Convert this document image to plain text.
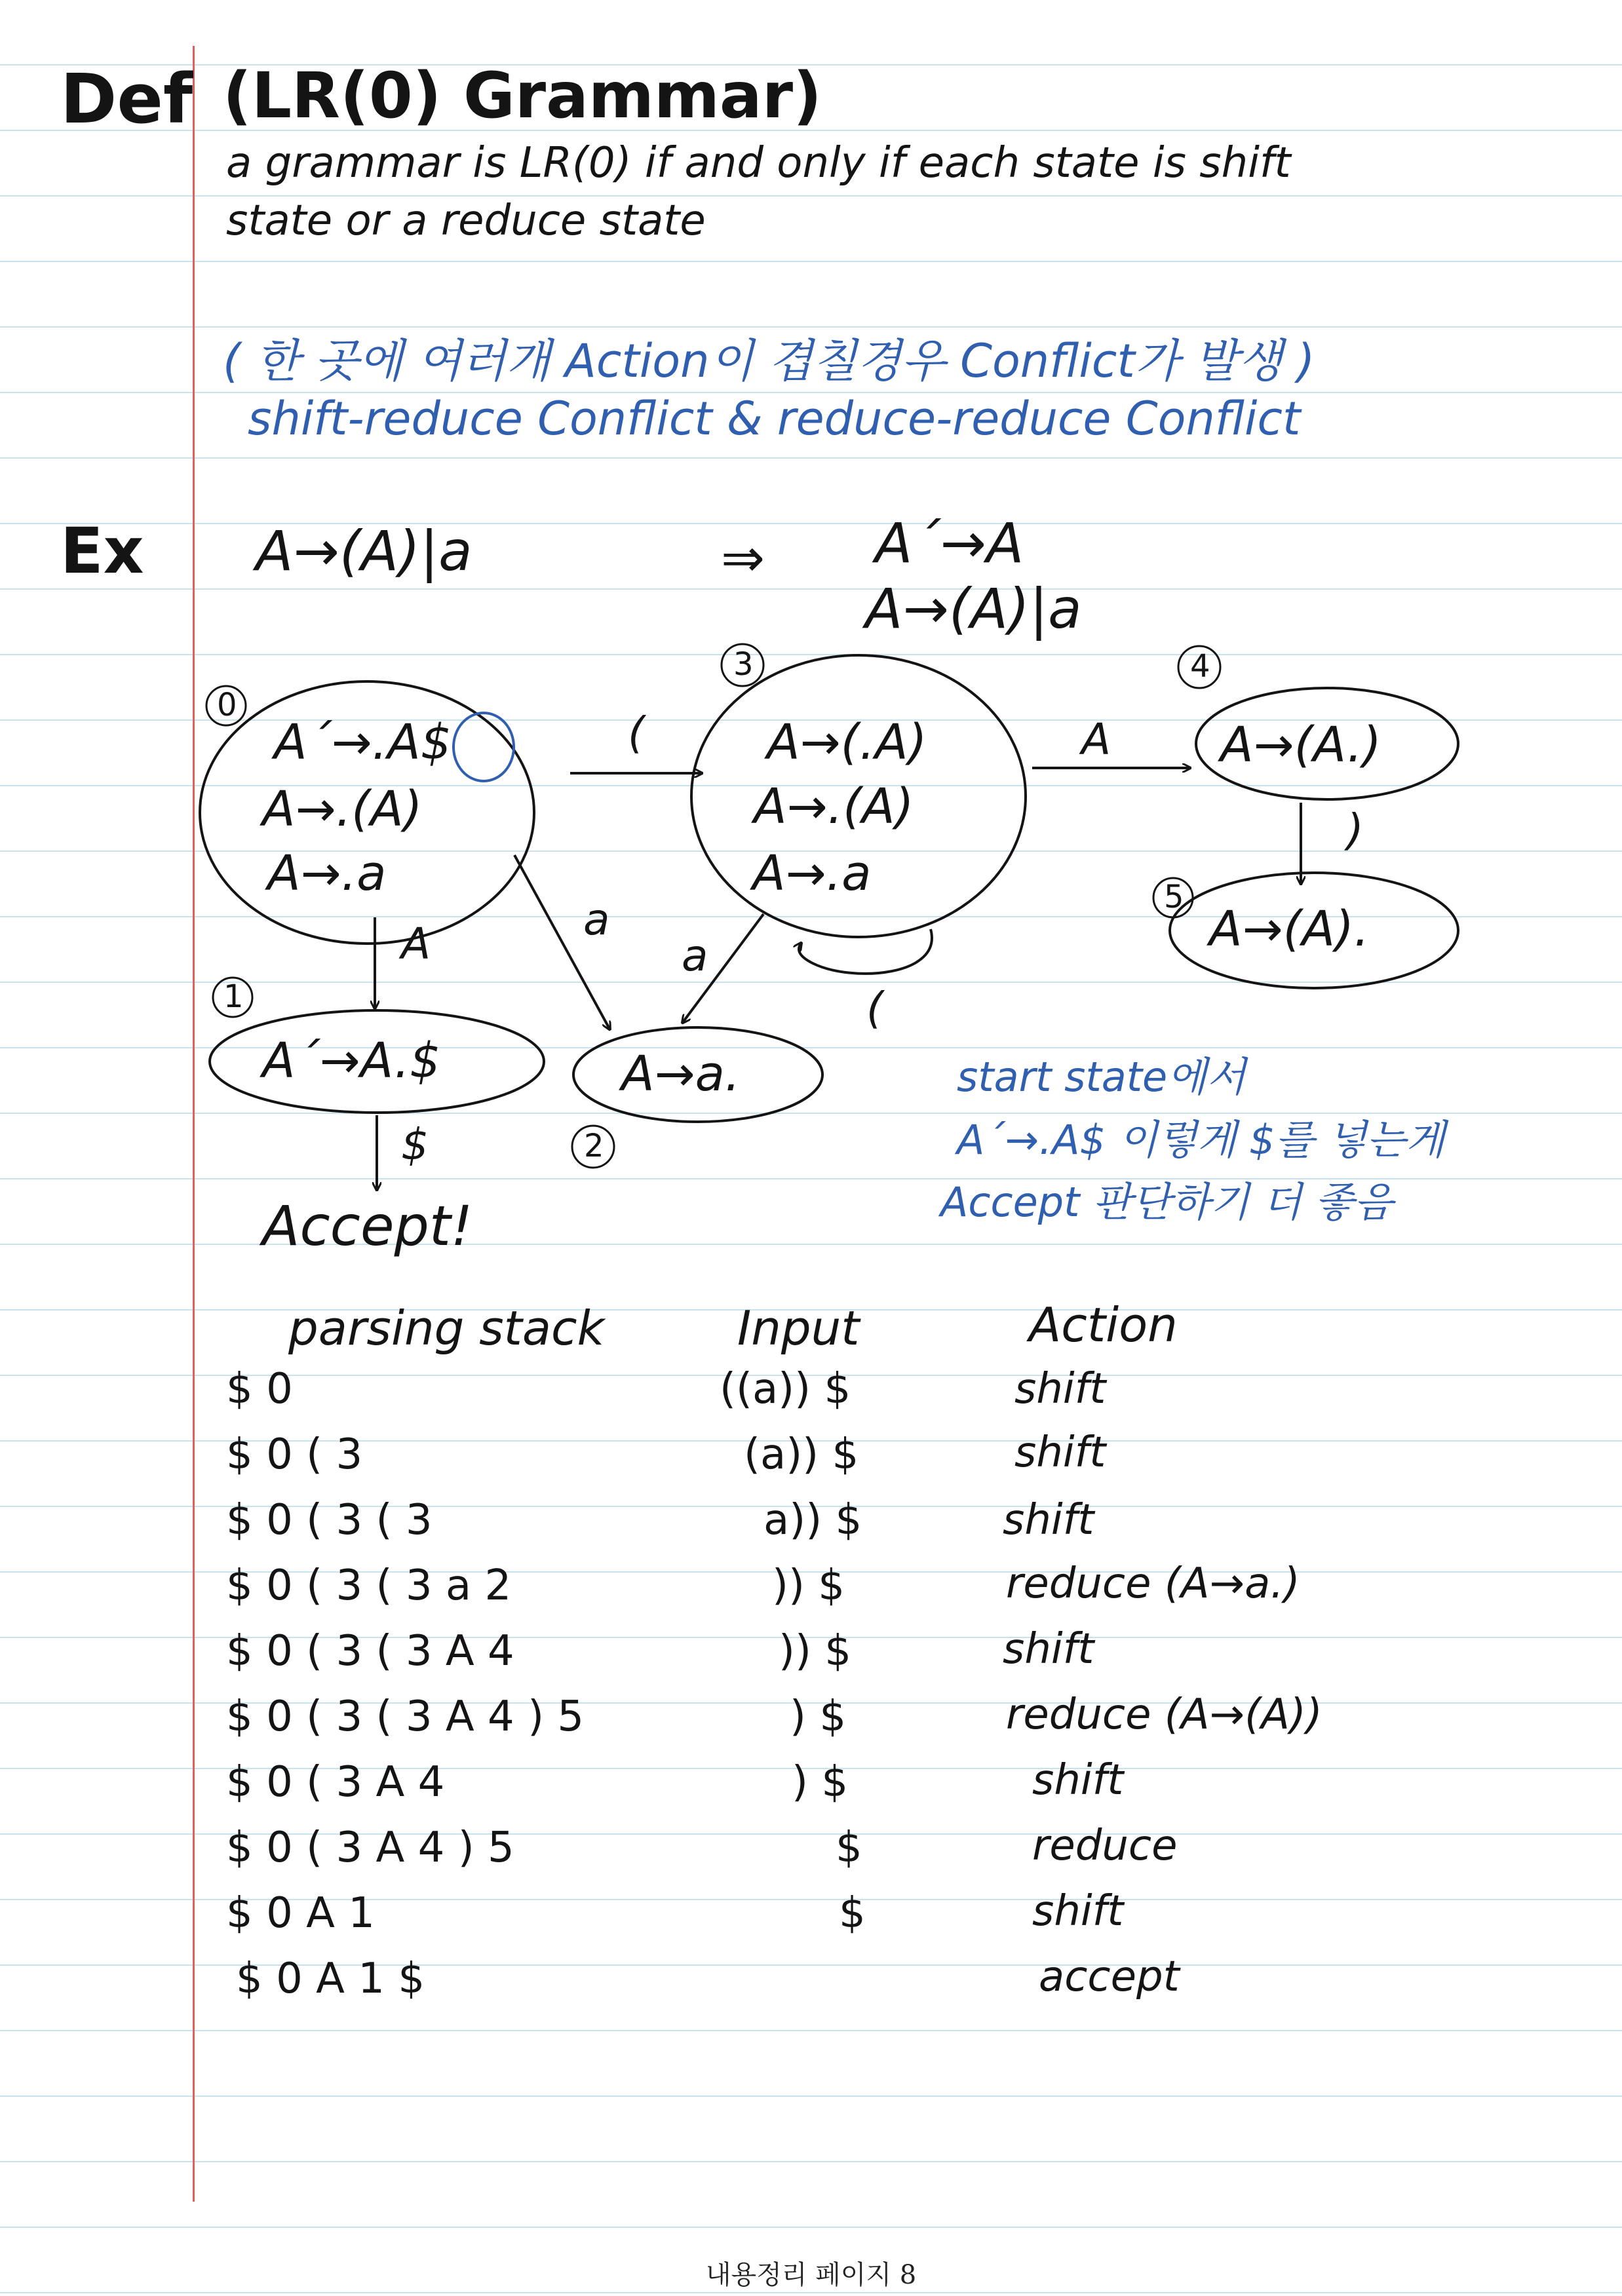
Def (LR(0) Grammar)
a grammar is LR(0) if and only if each state is shift
state or a reduce state
( 한 곳에 여러개 Action이 겹칠경우 Conflict가 발생 )
shift-reduce Conflict & reduce-reduce Conflict
Ex A→(A)|a	⇒ A´→A
A→(A)|a
0
1
2
3	4
5
A´→.A$
A→.(A)
A→.a
A→(.A)
A→.(A)
A→.a
A→(A.)
A→(A).
A´→A.$	A→a.
(	A
)
A	a
a
(
$
Accept!
start state에서
A´→.A$ 이렇게 $를 넣는게
Accept 판단하기 더 좋음
parsing stack	Input	Action
$ 0	((a)) $	shift
$ 0 ( 3	(a)) $	shift
$ 0 ( 3 ( 3	a)) $	shift
$ 0 ( 3 ( 3 a 2	)) $	reduce (A→a.)
$ 0 ( 3 ( 3 A 4	)) $	shift
$ 0 ( 3 ( 3 A 4 ) 5	) $	reduce (A→(A))
$ 0 ( 3 A 4	) $	shift
$ 0 ( 3 A 4 ) 5	$	reduce
$ 0 A 1	$	shift
$ 0 A 1 $	accept
내용정리 페이지 8
